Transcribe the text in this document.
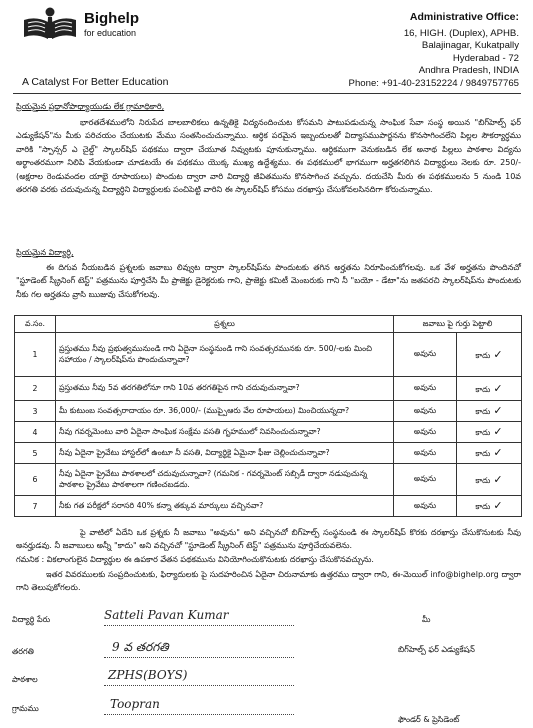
Bighelp
for education
A Catalyst For Better Education
Administrative Office:
16, HIGH. (Duplex), APHB.
Balajinagar, Kukatpally
Hyderabad - 72
Andhra Pradesh, INDIA
Phone: +91-40-23152224 / 9849757765
ప్రియమైన ప్రధానోపాధ్యాయుడు లేక గ్రామాధికారి,
భారతదేశములోని నిరుపేద బాలబాలికలు ఉన్నతికై విద్యనందించుట కోసమని పాటుపడుచున్న సాంఘిక సేవా సంస్థ అయిన "బిగ్‌హెల్ప్ ఫర్ ఎడ్యుకేషన్"ను మీకు పరిచయం చేయుటకు మేము సంతసించుచున్నాము. ఆర్ధిక పరమైన ఇబ్బందులతో విద్యాసముపార్జనను కొనసాగించలేని పిల్లల సౌకర్యార్ధము వారికి "స్పాన్సర్ ఎ చైల్డ్" స్కాలర్‌షిప్ పథకము ద్వారా చేయూత నివ్వుటకు పూనుకున్నాము. ఆర్ధికముగా వెనుకబడిన లేక అనాథ పిల్లలు పాఠశాల విద్యను అర్థాంతరముగా నిలిపి వేయకుండా చూడటయే ఈ పథకము యొక్క ముఖ్య ఉద్దేశ్యము. ఈ పథకములో భాగముగా అర్హతగలిగిన విద్యార్ధులు నెలకు రూ. 250/- (అక్షరాల రెండువందల యాభై రూపాయలు) పొందుట ద్వారా వారి విద్యార్ధి జీవితమును కొనసాగించ వచ్చును. దయచేసి మీరు ఈ పథకములను 5 నుండి 10వ తరగతి వరకు చదువుచున్న విద్యార్ధిని విద్యార్ధులకు పంచిపెట్టి వారిని ఈ స్కాలర్‌షిప్ కోసము దరఖాస్తు చేసుకోవలసినదిగా కోరుచున్నాము.
ప్రియమైన విద్యార్ధి,
ఈ దిగువ నీయబడిన ప్రశ్నలకు జవాబు లివ్వుట ద్వారా స్కాలర్‌షిప్‌ను పొందుటకు తగిన అర్హతను నిరూపించుకోగలవు. ఒక వేళ అర్హతను పొందినచో "స్టూడెంట్ స్క్రీనింగ్ టెస్ట్" పత్రమును పూర్తిచేసి మీ ప్రాజెక్టు డైరెక్టరుకు గాని, ప్రాజెక్టు కమిటీ మెంబరుకు గాని నీ "బయో - డేటా"ను జతపరచి స్కాలర్‌షిప్‌ను పొందుటకు నీకు గల అర్హతను వ్రాసి ఋజువు చేసుకోగలవు.
వ.సం.	ప్రశ్నలు	జవాబు పై గుర్తు పెట్టాలి	
1	ప్రస్తుతము నీవు ప్రభుత్వమునుండి గాని ఏదైనా సంస్థనుండి గాని సంవత్సరమునకు రూ. 500/-లకు మించి సహాయం / స్కాలర్‌షిప్‌ను పొందుచున్నావా?	అవును	కాదు ✓
2	ప్రస్తుతము నీవు 5వ తరగతిలోనూ గాని 10వ తరగతిపైన గాని చదువుచున్నావా?	అవును	కాదు ✓
3	మీ కుటుంబ సంవత్సరాదాయం రూ. 36,000/- (ముప్పైఆరు వేల రూపాయలు) మించియున్నదా?	అవును	కాదు ✓
4	నీవు గవర్నమెంటు వారి ఏదైనా సాంఘిక సంక్షేమ వసతి గృహములో నివసించుచున్నావా?	అవును	కాదు ✓
5	నీవు ఏదైనా ప్రైవేటు హాస్టల్‌లో ఉంటూ నీ వసతి, విద్యార్థికై ఏమైనా ఫీజు చెల్లించుచున్నావా?	అవును	కాదు ✓
6	నీవు ఏదైనా ప్రైవేటు పాఠశాలలో చదువుచున్నావా? (గమనిక - గవర్నమెంట్ సబ్సిడీ ద్వారా నడుపుచున్న పాఠశాల ప్రైవేటు పాఠశాలగా గణించబడదు.	అవును	కాదు ✓
7	నీకు గత పరీక్షలో సరాసరి 40% కన్నా తక్కువ మార్కులు వచ్చినవా?	అవును	కాదు ✓
పై వాటిలో ఏదేని ఒక ప్రశ్నకు నీ జవాబు "అవును" అని వచ్చినచో బిగ్‌హెల్ప్ సంస్థనుండి ఈ స్కాలర్‌షిప్ కొరకు దరఖాస్తు చేసుకొనుటకు నీవు అనర్హుడవు. నీ జవాబులు అన్నీ "కాదు" అని వచ్చినచో "స్టూడెంట్ స్క్రీనింగ్ టెస్ట్" పత్రమును పూర్తిచేయవలెను.
గమనిక : వికలాంగులైన విద్యార్థుల ఈ ఉపకార వేతన పథకమును వినియోగించుకొనుటకు దరఖాస్తు చేసుకొనవచ్చును.
ఇతర వివరములకు సంప్రదించుటకు, ఫిర్యాదులకు పై సుదహరించిన ఏదైనా చిరునామాకు ఉత్తరము ద్వారా గాని, ఈ-మెయిల్ info@bighelp.org ద్వారా గాని తెలుపుకోగలరు.
విద్యార్థి పేరు	Satteli Pavan Kumar
తరగతి	9 వ తరగతి
పాఠశాల	ZPHS(BOYS)
గ్రామము	Toopran
మీ
బిగ్‌హెల్ప్ ఫర్ ఎడ్యుకేషన్
ఫౌండర్ & ప్రెసిడెంట్
